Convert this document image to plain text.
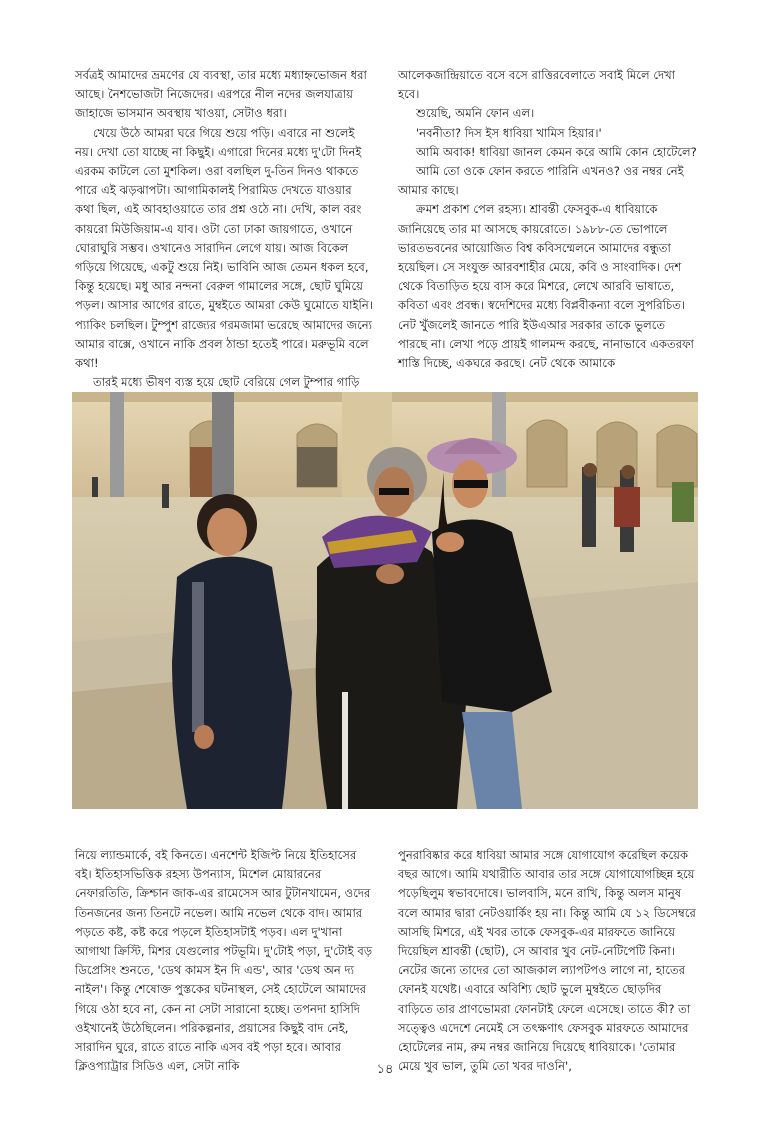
সর্বত্রই আমাদের ভ্রমণের যে ব্যবস্থা, তার মধ্যে মধ্যাহ্নভোজন ধরা আছে। নৈশভোজটা নিজেদের। এরপরে নীল নদের জলযাত্রায় জাহাজে ভাসমান অবস্থায় খাওয়া, সেটাও ধরা।

খেয়ে উঠে আমরা ঘরে গিয়ে শুয়ে পড়ি। এবারে না শুলেই নয়। দেখা তো যাচ্ছে না কিছুই। এগারো দিনের মধ্যে দু'টো দিনই এরকম কাটলে তো মুশকিল। ওরা বলছিল দু-তিন দিনও থাকতে পারে এই ঝড়ঝাপটা। আগামিকালই পিরামিড দেখতে যাওয়ার কথা ছিল, এই আবহাওয়াতে তার প্রশ্ন ওঠে না। দেখি, কাল বরং কায়রো মিউজিয়াম-এ যাব। ওটা তো ঢাকা জায়গাতে, ওখানে ঘোরাঘুরি সম্ভব। ওখানেও সারাদিন লেগে যায়। আজ বিকেল গড়িয়ে গিয়েছে, একটু শুয়ে নিই। ভাবিনি আজ তেমন ধকল হবে, কিন্তু হয়েছে। মধু আর নন্দনা বেরুল গামালের সঙ্গে, ছোট ঘুমিয়ে পড়ল। আসার আগের রাতে, মুম্বইতে আমরা কেউ ঘুমোতে যাইনি। প্যাকিং চলছিল। টুম্পুশ রাজ্যের গরমজামা ভরেছে আমাদের জন্যে আমার বাক্সে, ওখানে নাকি প্রবল ঠান্ডা হতেই পারে। মরুভূমি বলে কথা!

তারই মধ্যে ভীষণ ব্যস্ত হয়ে ছোট বেরিয়ে গেল টুম্পার গাড়ি

আলেকজান্দ্রিয়াতে বসে বসে রাত্তিরবেলাতে সবাই মিলে দেখা হবে।

শুয়েছি, অমনি ফোন এল।

'নবনীতা? দিস ইস ধাবিয়া খামিস হিয়ার।'

আমি অবাক! ধাবিয়া জানল কেমন করে আমি কোন হোটেলে?

আমি তো ওকে ফোন করতে পারিনি এখনও? ওর নম্বর নেই আমার কাছে।

ক্রমশ প্রকাশ পেল রহস্য। শ্রাবন্তী ফেসবুক-এ ধাবিয়াকে জানিয়েছে তার মা আসছে কায়রোতে। ১৯৮৮-তে ভোপালে ভারতভবনের আয়োজিত বিশ্ব কবিসম্মেলনে আমাদের বন্ধুতা হয়েছিল। সে সংযুক্ত আরবশাহীর মেয়ে, কবি ও সাংবাদিক। দেশ থেকে বিতাড়িত হয়ে বাস করে মিশরে, লেখে আরবি ভাষাতে, কবিতা এবং প্রবন্ধ। স্বদেশিদের মধ্যে বিপ্লবীকন্যা বলে সুপরিচিত। নেট খুঁজলেই জানতে পারি ইউএআর সরকার তাকে ভুলতে পারছে না। লেখা পড়ে প্রায়ই গালমন্দ করছে, নানাভাবে একতরফা শাস্তি দিচ্ছে, একঘরে করছে। নেট থেকে আমাকে

নিয়ে ল্যান্ডমার্কে, বই কিনতে। এনশেন্ট ইজিপ্ট নিয়ে ইতিহাসের বই। ইতিহাসভিত্তিক রহস্য উপন্যাস, মিশেল মোয়ারনের নেফারতিতি, ক্রিশ্চান জাক-এর রামেসেস আর টুটানখামেন, ওদের তিনজনের জন্য তিনটে নভেল। আমি নভেল থেকে বাদ। আমার পড়তে কষ্ট, কষ্ট করে পড়লে ইতিহাসটাই পড়ব। এল দু'খানা আগাথা ক্রিস্টি, মিশর যেগুলোর পটভূমি। দু'টোই পড়া, দু'টোই বড় ডিপ্রেসিং শুনতে, 'ডেথ কামস ইন দি এন্ড', আর 'ডেথ অন দ্য নাইল'। কিন্তু শেষোক্ত পুস্তকের ঘটনাস্থল, সেই হোটেলে আমাদের গিয়ে ওঠা হবে না, কেন না সেটা সারানো হচ্ছে। তপনদা হাসিদি ওইখানেই উঠেছিলেন। পরিকল্পনার, প্রয়াসের কিছুই বাদ নেই, সারাদিন ঘুরে, রাতে রাতে নাকি এসব বই পড়া হবে। আবার ক্লিওপ্যাট্রার সিডিও এল, সেটা নাকি

পুনরাবিষ্কার করে ধাবিয়া আমার সঙ্গে যোগাযোগ করেছিল কয়েক বছর আগে। আমি যথারীতি আবার তার সঙ্গে যোগাযোগচ্ছিন্ন হয়ে পড়েছিলুম স্বভাবদোষে। ভালবাসি, মনে রাখি, কিন্তু অলস মানুষ বলে আমার দ্বারা নেটওয়ার্কিং হয় না। কিন্তু আমি যে ১২ ডিসেম্বরে আসছি মিশরে, এই খবর তাকে ফেসবুক-এর মারফতে জানিয়ে দিয়েছিল শ্রাবন্তী (ছোট), সে আবার খুব নেট-নেটিপেটি কিনা। নেটের জন্যে তাদের তো আজকাল ল্যাপটপও লাগে না, হাতের ফোনই যথেষ্ট। এবারে অবিশ্যি ছোট ভুলে মুম্বইতে ছোড়দির বাড়িতে তার প্রাণভোমরা ফোনটাই ফেলে এসেছে। তাতে কী? তা সত্ত্বেও এদেশে নেমেই সে তৎক্ষণাৎ ফেসবুক মারফতে আমাদের হোটেলের নাম, রুম নম্বর জানিয়ে দিয়েছে ধাবিয়াকে। 'তোমার মেয়ে খুব ভাল, তুমি তো খবর দাওনি',

১৪
